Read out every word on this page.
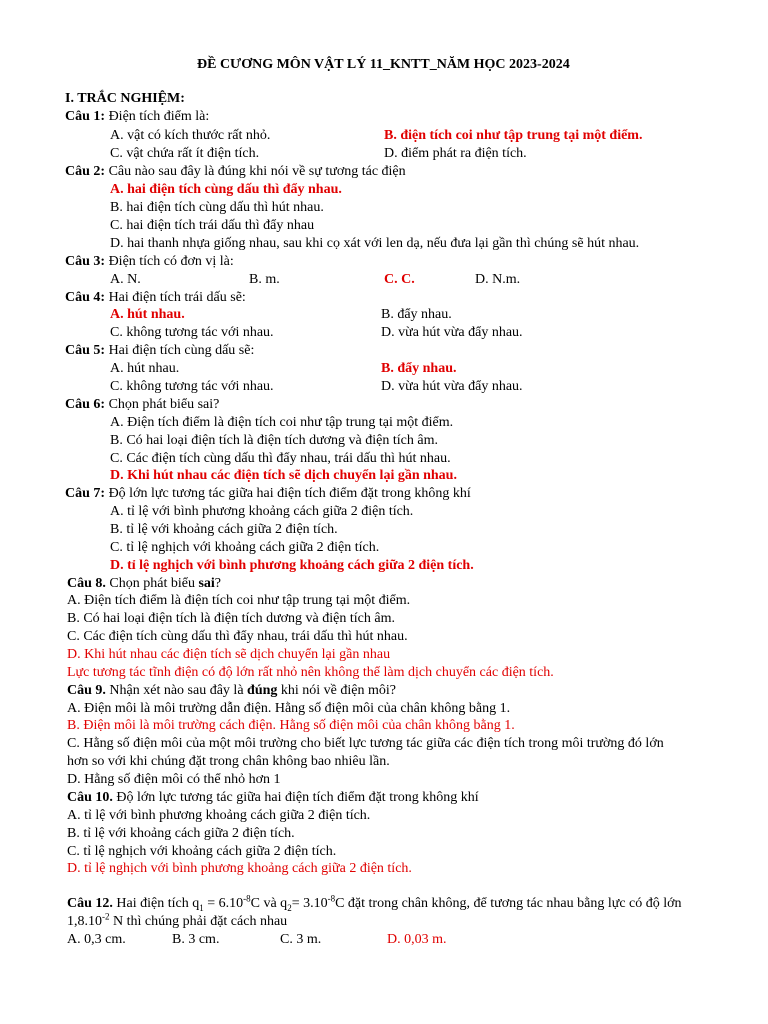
ĐỀ CƯƠNG MÔN VẬT LÝ 11_KNTT_NĂM HỌC 2023-2024
I. TRẮC NGHIỆM:
Câu 1: Điện tích điểm là:
A. vật có kích thước rất nhỏ.	B. điện tích coi như tập trung tại một điểm.
C. vật chứa rất ít điện tích.	D. điểm phát ra điện tích.
Câu 2: Câu nào sau đây là đúng khi nói về sự tương tác điện
A. hai điện tích cùng dấu thì đẩy nhau.
B. hai điện tích cùng dấu thì hút nhau.
C. hai điện tích trái dấu thì đẩy nhau
D. hai thanh nhựa giống nhau, sau khi cọ xát với len dạ, nếu đưa lại gần thì chúng sẽ hút nhau.
Câu 3: Điện tích có đơn vị là:
A. N.	B. m.	C. C.	D. N.m.
Câu 4: Hai điện tích trái dấu sẽ:
A. hút nhau.	B. đẩy nhau.
C. không tương tác với nhau.	D. vừa hút vừa đẩy nhau.
Câu 5: Hai điện tích cùng dấu sẽ:
A. hút nhau.	B. đẩy nhau.
C. không tương tác với nhau.	D. vừa hút vừa đẩy nhau.
Câu 6: Chọn phát biểu sai?
A. Điện tích điểm là điện tích coi như tập trung tại một điểm.
B. Có hai loại điện tích là điện tích dương và điện tích âm.
C. Các điện tích cùng dấu thì đẩy nhau, trái dấu thì hút nhau.
D. Khi hút nhau các điện tích sẽ dịch chuyển lại gần nhau.
Câu 7: Độ lớn lực tương tác giữa hai điện tích điểm đặt trong không khí
A. tỉ lệ với bình phương khoảng cách giữa 2 điện tích.
B. tỉ lệ với khoảng cách giữa 2 điện tích.
C. tỉ lệ nghịch với khoảng cách giữa 2 điện tích.
D. tỉ lệ nghịch với bình phương khoảng cách giữa 2 điện tích.
Câu 8. Chọn phát biểu sai?
A. Điện tích điểm là điện tích coi như tập trung tại một điểm.
B. Có hai loại điện tích là điện tích dương và điện tích âm.
C. Các điện tích cùng dấu thì đẩy nhau, trái dấu thì hút nhau.
D. Khi hút nhau các điện tích sẽ dịch chuyển lại gần nhau
Lực tương tác tĩnh điện có độ lớn rất nhỏ nên không thể làm dịch chuyển các điện tích.
Câu 9. Nhận xét nào sau đây là đúng khi nói về điện môi?
A. Điện môi là môi trường dẫn điện. Hằng số điện môi của chân không bằng 1.
B. Điện môi là môi trường cách điện. Hằng số điện môi của chân không bằng 1.
C. Hằng số điện môi của một môi trường cho biết lực tương tác giữa các điện tích trong môi trường đó lớn
hơn so với khi chúng đặt trong chân không bao nhiêu lần.
D. Hằng số điện môi có thể nhỏ hơn 1
Câu 10. Độ lớn lực tương tác giữa hai điện tích điểm đặt trong không khí
A. tỉ lệ với bình phương khoảng cách giữa 2 điện tích.
B. tỉ lệ với khoảng cách giữa 2 điện tích.
C. tỉ lệ nghịch với khoảng cách giữa 2 điện tích.
D. tỉ lệ nghịch với bình phương khoảng cách giữa 2 điện tích.
Câu 12. Hai điện tích $q_1 = 6.10^{-8}C$ và $q_2= 3.10^{-8}C$ đặt trong chân không, để tương tác nhau bằng lực có độ lớn
$1,8.10^{-2}$ N thì chúng phải đặt cách nhau
A. 0,3 cm.	B. 3 cm.	C. 3 m.	D. 0,03 m.
